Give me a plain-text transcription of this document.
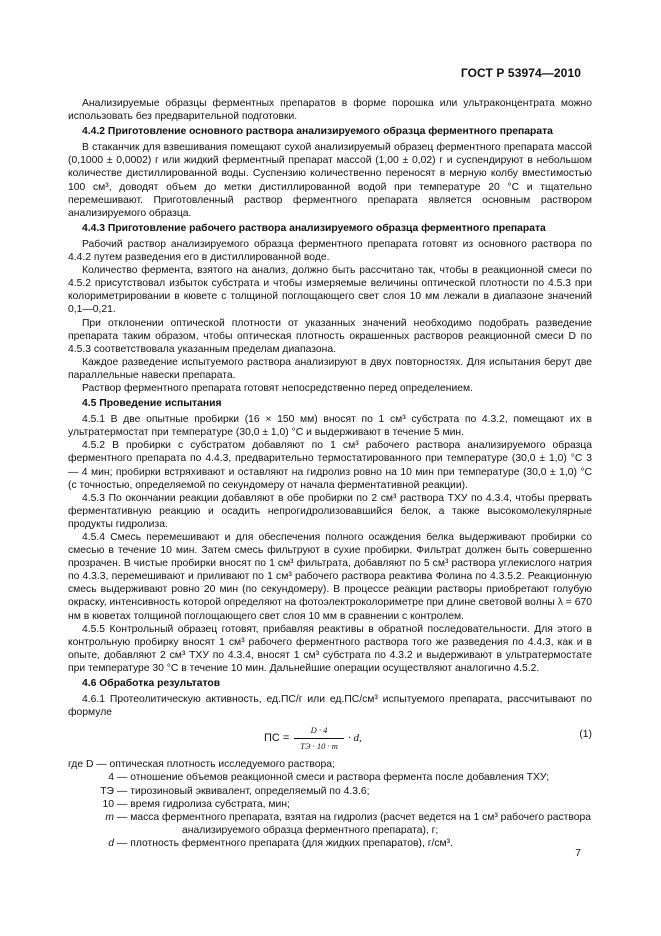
ГОСТ Р 53974—2010

Анализируемые образцы ферментных препаратов в форме порошка или ультраконцентрата можно использовать без предварительной подготовки.

4.4.2 Приготовление основного раствора анализируемого образца ферментного препарата

В стаканчик для взвешивания помещают сухой анализируемый образец ферментного препарата массой (0,1000 ± 0,0002) г или жидкий ферментный препарат массой (1,00 ± 0,02) г и суспендируют в небольшом количестве дистиллированной воды. Суспензию количественно переносят в мерную колбу вместимостью 100 см³, доводят объем до метки дистиллированной водой при температуре 20 °С и тщательно перемешивают. Приготовленный раствор ферментного препарата является основным раствором анализируемого образца.

4.4.3 Приготовление рабочего раствора анализируемого образца ферментного препарата

Рабочий раствор анализируемого образца ферментного препарата готовят из основного раствора по 4.4.2 путем разведения его в дистиллированной воде.

Количество фермента, взятого на анализ, должно быть рассчитано так, чтобы в реакционной смеси по 4.5.2 присутствовал избыток субстрата и чтобы измеряемые величины оптической плотности по 4.5.3 при колориметрировании в кювете с толщиной поглощающего свет слоя 10 мм лежали в диапазоне значений 0,1—0,21.

При отклонении оптической плотности от указанных значений необходимо подобрать разведение препарата таким образом, чтобы оптическая плотность окрашенных растворов реакционной смеси D по 4.5.3 соответствовала указанным пределам диапазона.

Каждое разведение испытуемого раствора анализируют в двух повторностях. Для испытания берут две параллельные навески препарата.

Раствор ферментного препарата готовят непосредственно перед определением.

4.5 Проведение испытания

4.5.1 В две опытные пробирки (16 × 150 мм) вносят по 1 см³ субстрата по 4.3.2, помещают их в ультратермостат при температуре (30,0 ± 1,0) °С и выдерживают в течение 5 мин.

4.5.2 В пробирки с субстратом добавляют по 1 см³ рабочего раствора анализируемого образца ферментного препарата по 4.4.3, предварительно термостатированного при температуре (30,0 ± 1,0) °С 3 — 4 мин; пробирки встряхивают и оставляют на гидролиз ровно на 10 мин при температуре (30,0 ± 1,0) °С (с точностью, определяемой по секундомеру от начала ферментативной реакции).

4.5.3 По окончании реакции добавляют в обе пробирки по 2 см³ раствора ТХУ по 4.3.4, чтобы прервать ферментативную реакцию и осадить непрогидролизовавшийся белок, а также высокомолекулярные продукты гидролиза.

4.5.4 Смесь перемешивают и для обеспечения полного осаждения белка выдерживают пробирки со смесью в течение 10 мин. Затем смесь фильтруют в сухие пробирки. Фильтрат должен быть совершенно прозрачен. В чистые пробирки вносят по 1 см³ фильтрата, добавляют по 5 см³ раствора углекислого натрия по 4.3.3, перемешивают и приливают по 1 см³ рабочего раствора реактива Фолина по 4.3.5.2. Реакционную смесь выдерживают ровно 20 мин (по секундомеру). В процессе реакции растворы приобретают голубую окраску, интенсивность которой определяют на фотоэлектроколориметре при длине световой волны λ = 670 нм в кюветах толщиной поглощающего свет слоя 10 мм в сравнении с контролем.

4.5.5 Контрольный образец готовят, прибавляя реактивы в обратной последовательности. Для этого в контрольную пробирку вносят 1 см³ рабочего ферментного раствора того же разведения по 4.4.3, как и в опыте, добавляют 2 см³ ТХУ по 4.3.4, вносят 1 см³ субстрата по 4.3.2 и выдерживают в ультратермостате при температуре 30 °С в течение 10 мин. Дальнейшие операции осуществляют аналогично 4.5.2.

4.6 Обработка результатов

4.6.1 Протеолитическую активность, ед.ПС/г или ед.ПС/см³ испытуемого препарата, рассчитывают по формуле

ПС =
D · 4
ТЭ · 10 · m
· d,	(1)

где D — оптическая плотность исследуемого раствора;

4 — отношение объемов реакционной смеси и раствора фермента после добавления ТХУ;

ТЭ — тирозиновый эквивалент, определяемый по 4.3.6;

10 — время гидролиза субстрата, мин;

m — масса ферментного препарата, взятая на гидролиз (расчет ведется на 1 см³ рабочего раствора

анализируемого образца ферментного препарата), г;

d — плотность ферментного препарата (для жидких препаратов), г/см³.

7
